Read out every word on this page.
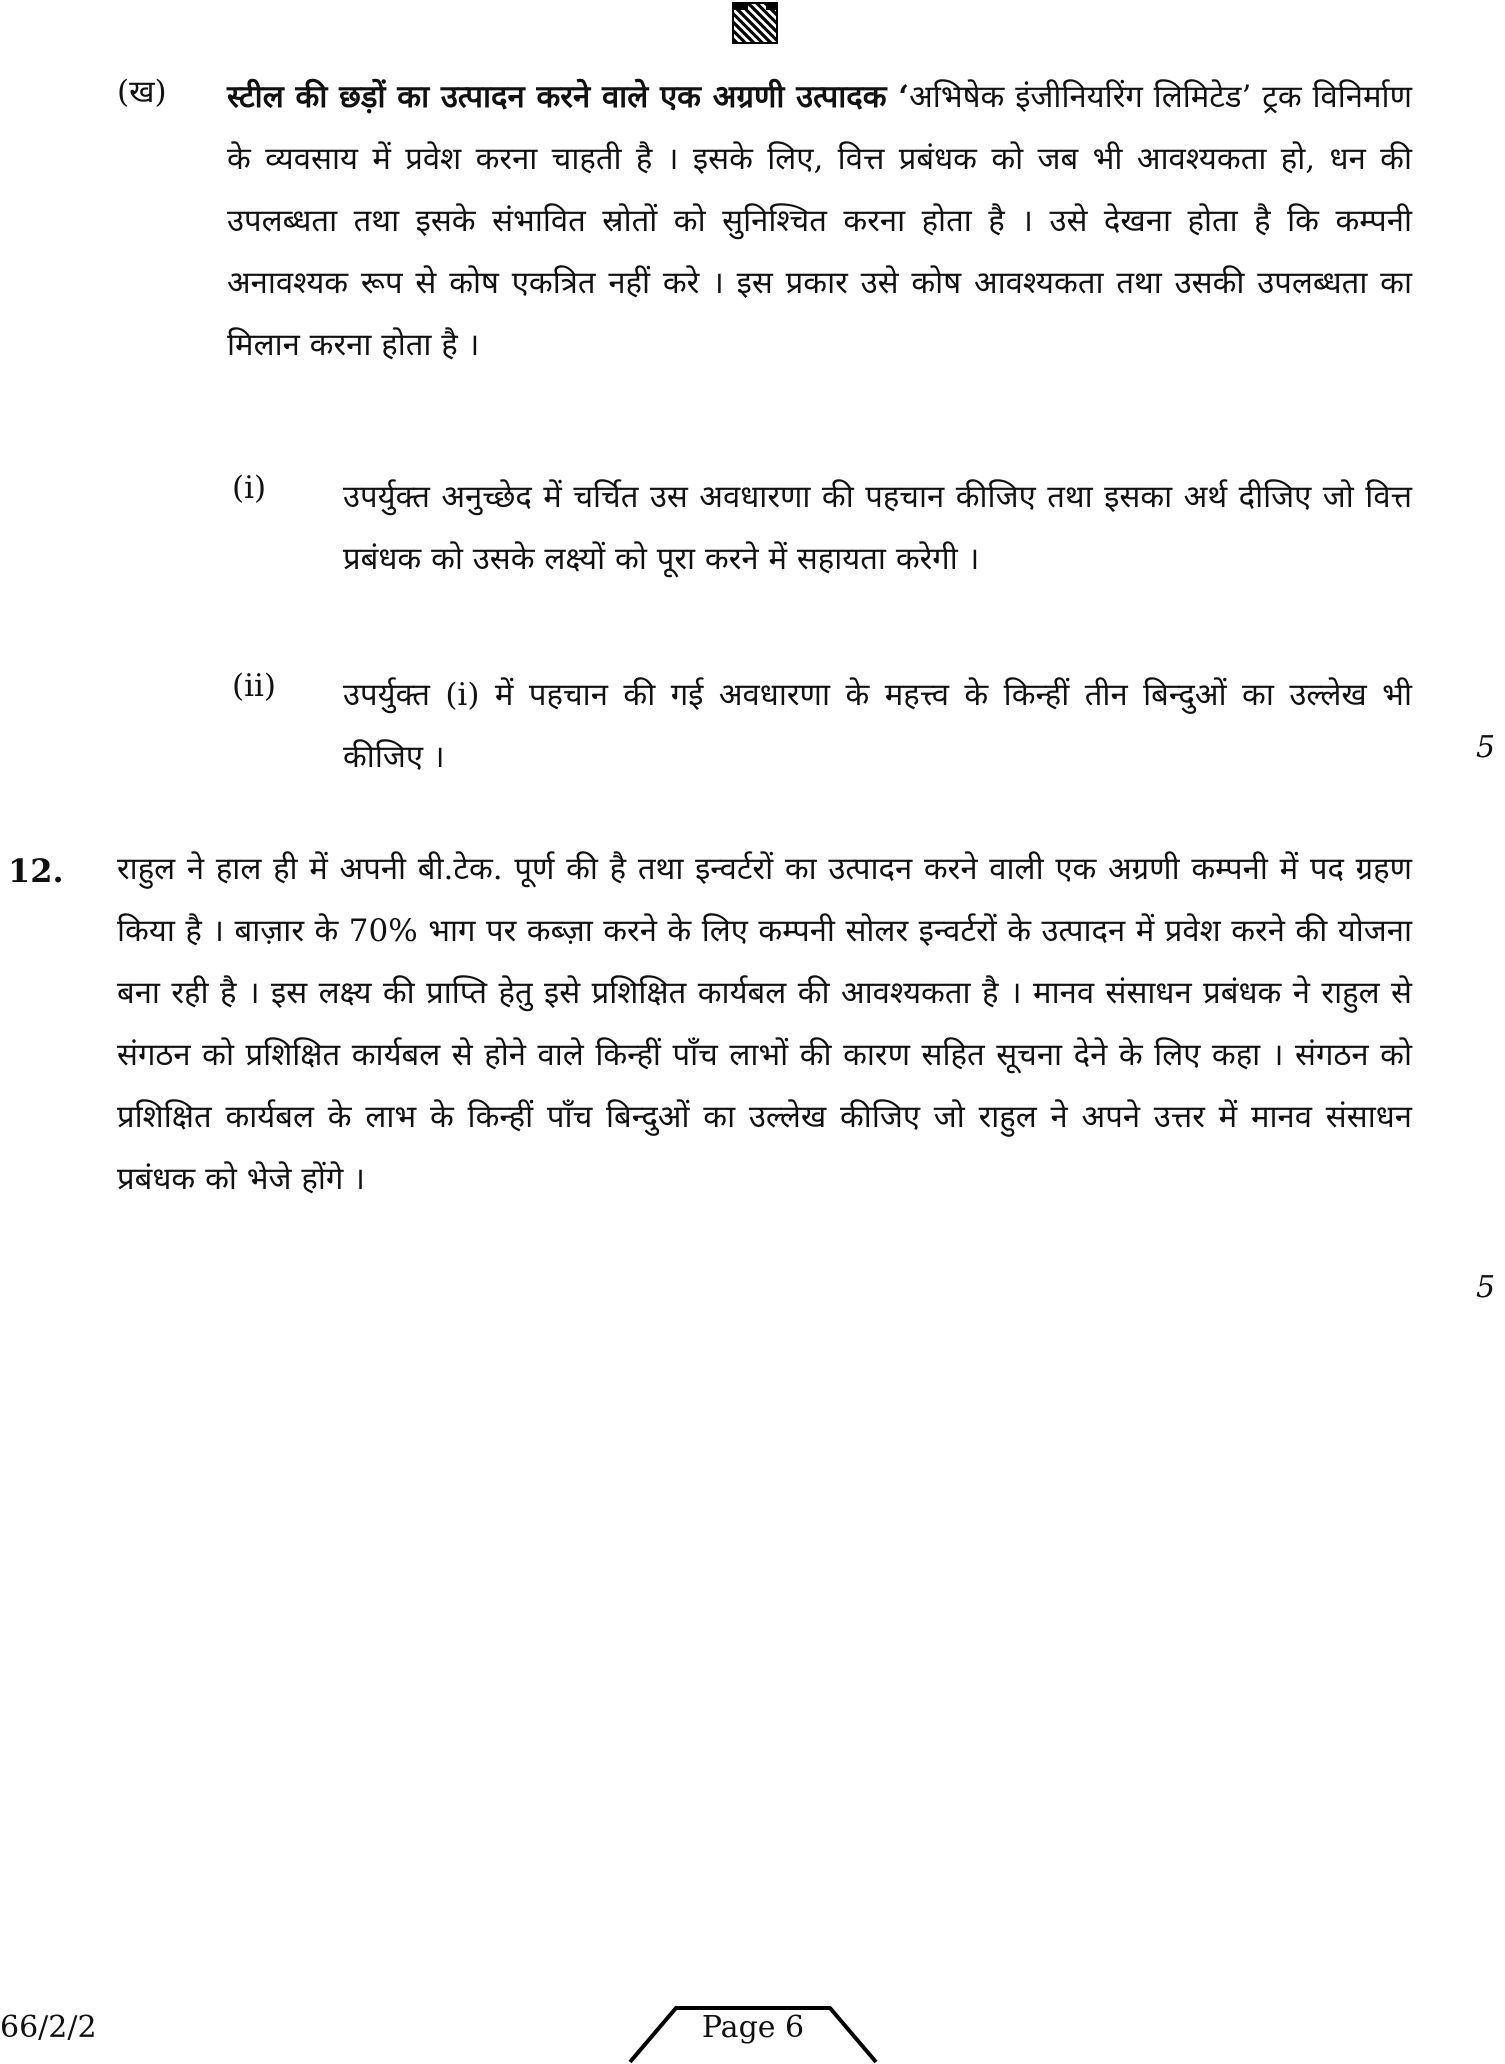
(ख) स्टील की छड़ों का उत्पादन करने वाले एक अग्रणी उत्पादक ‘अभिषेक इंजीनियरिंग लिमिटेड’ ट्रक विनिर्माण के व्यवसाय में प्रवेश करना चाहती है । इसके लिए, वित्त प्रबंधक को जब भी आवश्यकता हो, धन की उपलब्धता तथा इसके संभावित स्रोतों को सुनिश्चित करना होता है । उसे देखना होता है कि कम्पनी अनावश्यक रूप से कोष एकत्रित नहीं करे । इस प्रकार उसे कोष आवश्यकता तथा उसकी उपलब्धता का मिलान करना होता है ।
(i) उपर्युक्त अनुच्छेद में चर्चित उस अवधारणा की पहचान कीजिए तथा इसका अर्थ दीजिए जो वित्त प्रबंधक को उसके लक्ष्यों को पूरा करने में सहायता करेगी ।
(ii) उपर्युक्त (i) में पहचान की गई अवधारणा के महत्त्व के किन्हीं तीन बिन्दुओं का उल्लेख भी कीजिए ।	5
12. राहुल ने हाल ही में अपनी बी.टेक. पूर्ण की है तथा इन्वर्टरों का उत्पादन करने वाली एक अग्रणी कम्पनी में पद ग्रहण किया है । बाज़ार के 70% भाग पर कब्ज़ा करने के लिए कम्पनी सोलर इन्वर्टरों के उत्पादन में प्रवेश करने की योजना बना रही है । इस लक्ष्य की प्राप्ति हेतु इसे प्रशिक्षित कार्यबल की आवश्यकता है । मानव संसाधन प्रबंधक ने राहुल से संगठन को प्रशिक्षित कार्यबल से होने वाले किन्हीं पाँच लाभों की कारण सहित सूचना देने के लिए कहा । संगठन को प्रशिक्षित कार्यबल के लाभ के किन्हीं पाँच बिन्दुओं का उल्लेख कीजिए जो राहुल ने अपने उत्तर में मानव संसाधन प्रबंधक को भेजे होंगे ।
5
66/2/2	Page 6
